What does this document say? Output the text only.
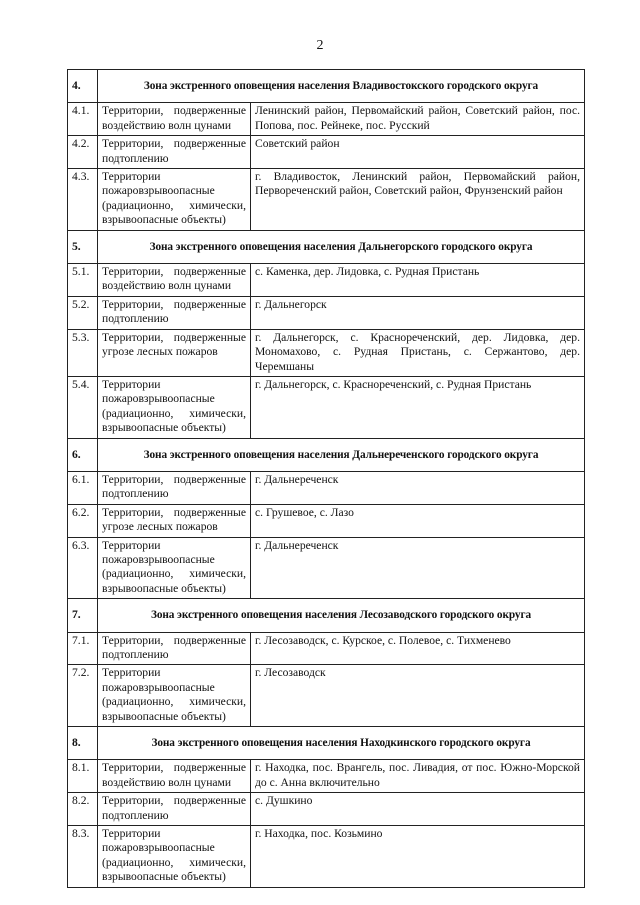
2
4.	Зона экстренного оповещения населения Владивостокского городского округа	
4.1.	Территории, подверженные воздействию волн цунами	Ленинский район, Первомайский район, Советский район, пос. Попова, пос. Рейнеке, пос. Русский
4.2.	Территории, подверженные подтоплению	Советский район
4.3.	Территории пожаровзрывоопасные (радиационно, химически, взрывоопасные объекты)	г. Владивосток, Ленинский район, Первомайский район, Первореченский район, Советский район, Фрунзенский район
5.	Зона экстренного оповещения населения Дальнегорского городского округа	
5.1.	Территории, подверженные воздействию волн цунами	с. Каменка, дер. Лидовка, с. Рудная Пристань
5.2.	Территории, подверженные подтоплению	г. Дальнегорск
5.3.	Территории, подверженные угрозе лесных пожаров	г. Дальнегорск, с. Краснореченский, дер. Лидовка, дер. Мономахово, с. Рудная Пристань, с. Сержантово, дер. Черемшаны
5.4.	Территории пожаровзрывоопасные (радиационно, химически, взрывоопасные объекты)	г. Дальнегорск, с. Краснореченский, с. Рудная Пристань
6.	Зона экстренного оповещения населения Дальнереченского городского округа	
6.1.	Территории, подверженные подтоплению	г. Дальнереченск
6.2.	Территории, подверженные угрозе лесных пожаров	с. Грушевое, с. Лазо
6.3.	Территории пожаровзрывоопасные (радиационно, химически, взрывоопасные объекты)	г. Дальнереченск
7.	Зона экстренного оповещения населения Лесозаводского городского округа	
7.1.	Территории, подверженные подтоплению	г. Лесозаводск, с. Курское, с. Полевое, с. Тихменево
7.2.	Территории пожаровзрывоопасные (радиационно, химически, взрывоопасные объекты)	г. Лесозаводск
8.	Зона экстренного оповещения населения Находкинского городского округа	
8.1.	Территории, подверженные воздействию волн цунами	г. Находка, пос. Врангель, пос. Ливадия, от пос. Южно-Морской до с. Анна включительно
8.2.	Территории, подверженные подтоплению	с. Душкино
8.3.	Территории пожаровзрывоопасные (радиационно, химически, взрывоопасные объекты)	г. Находка, пос. Козьмино
